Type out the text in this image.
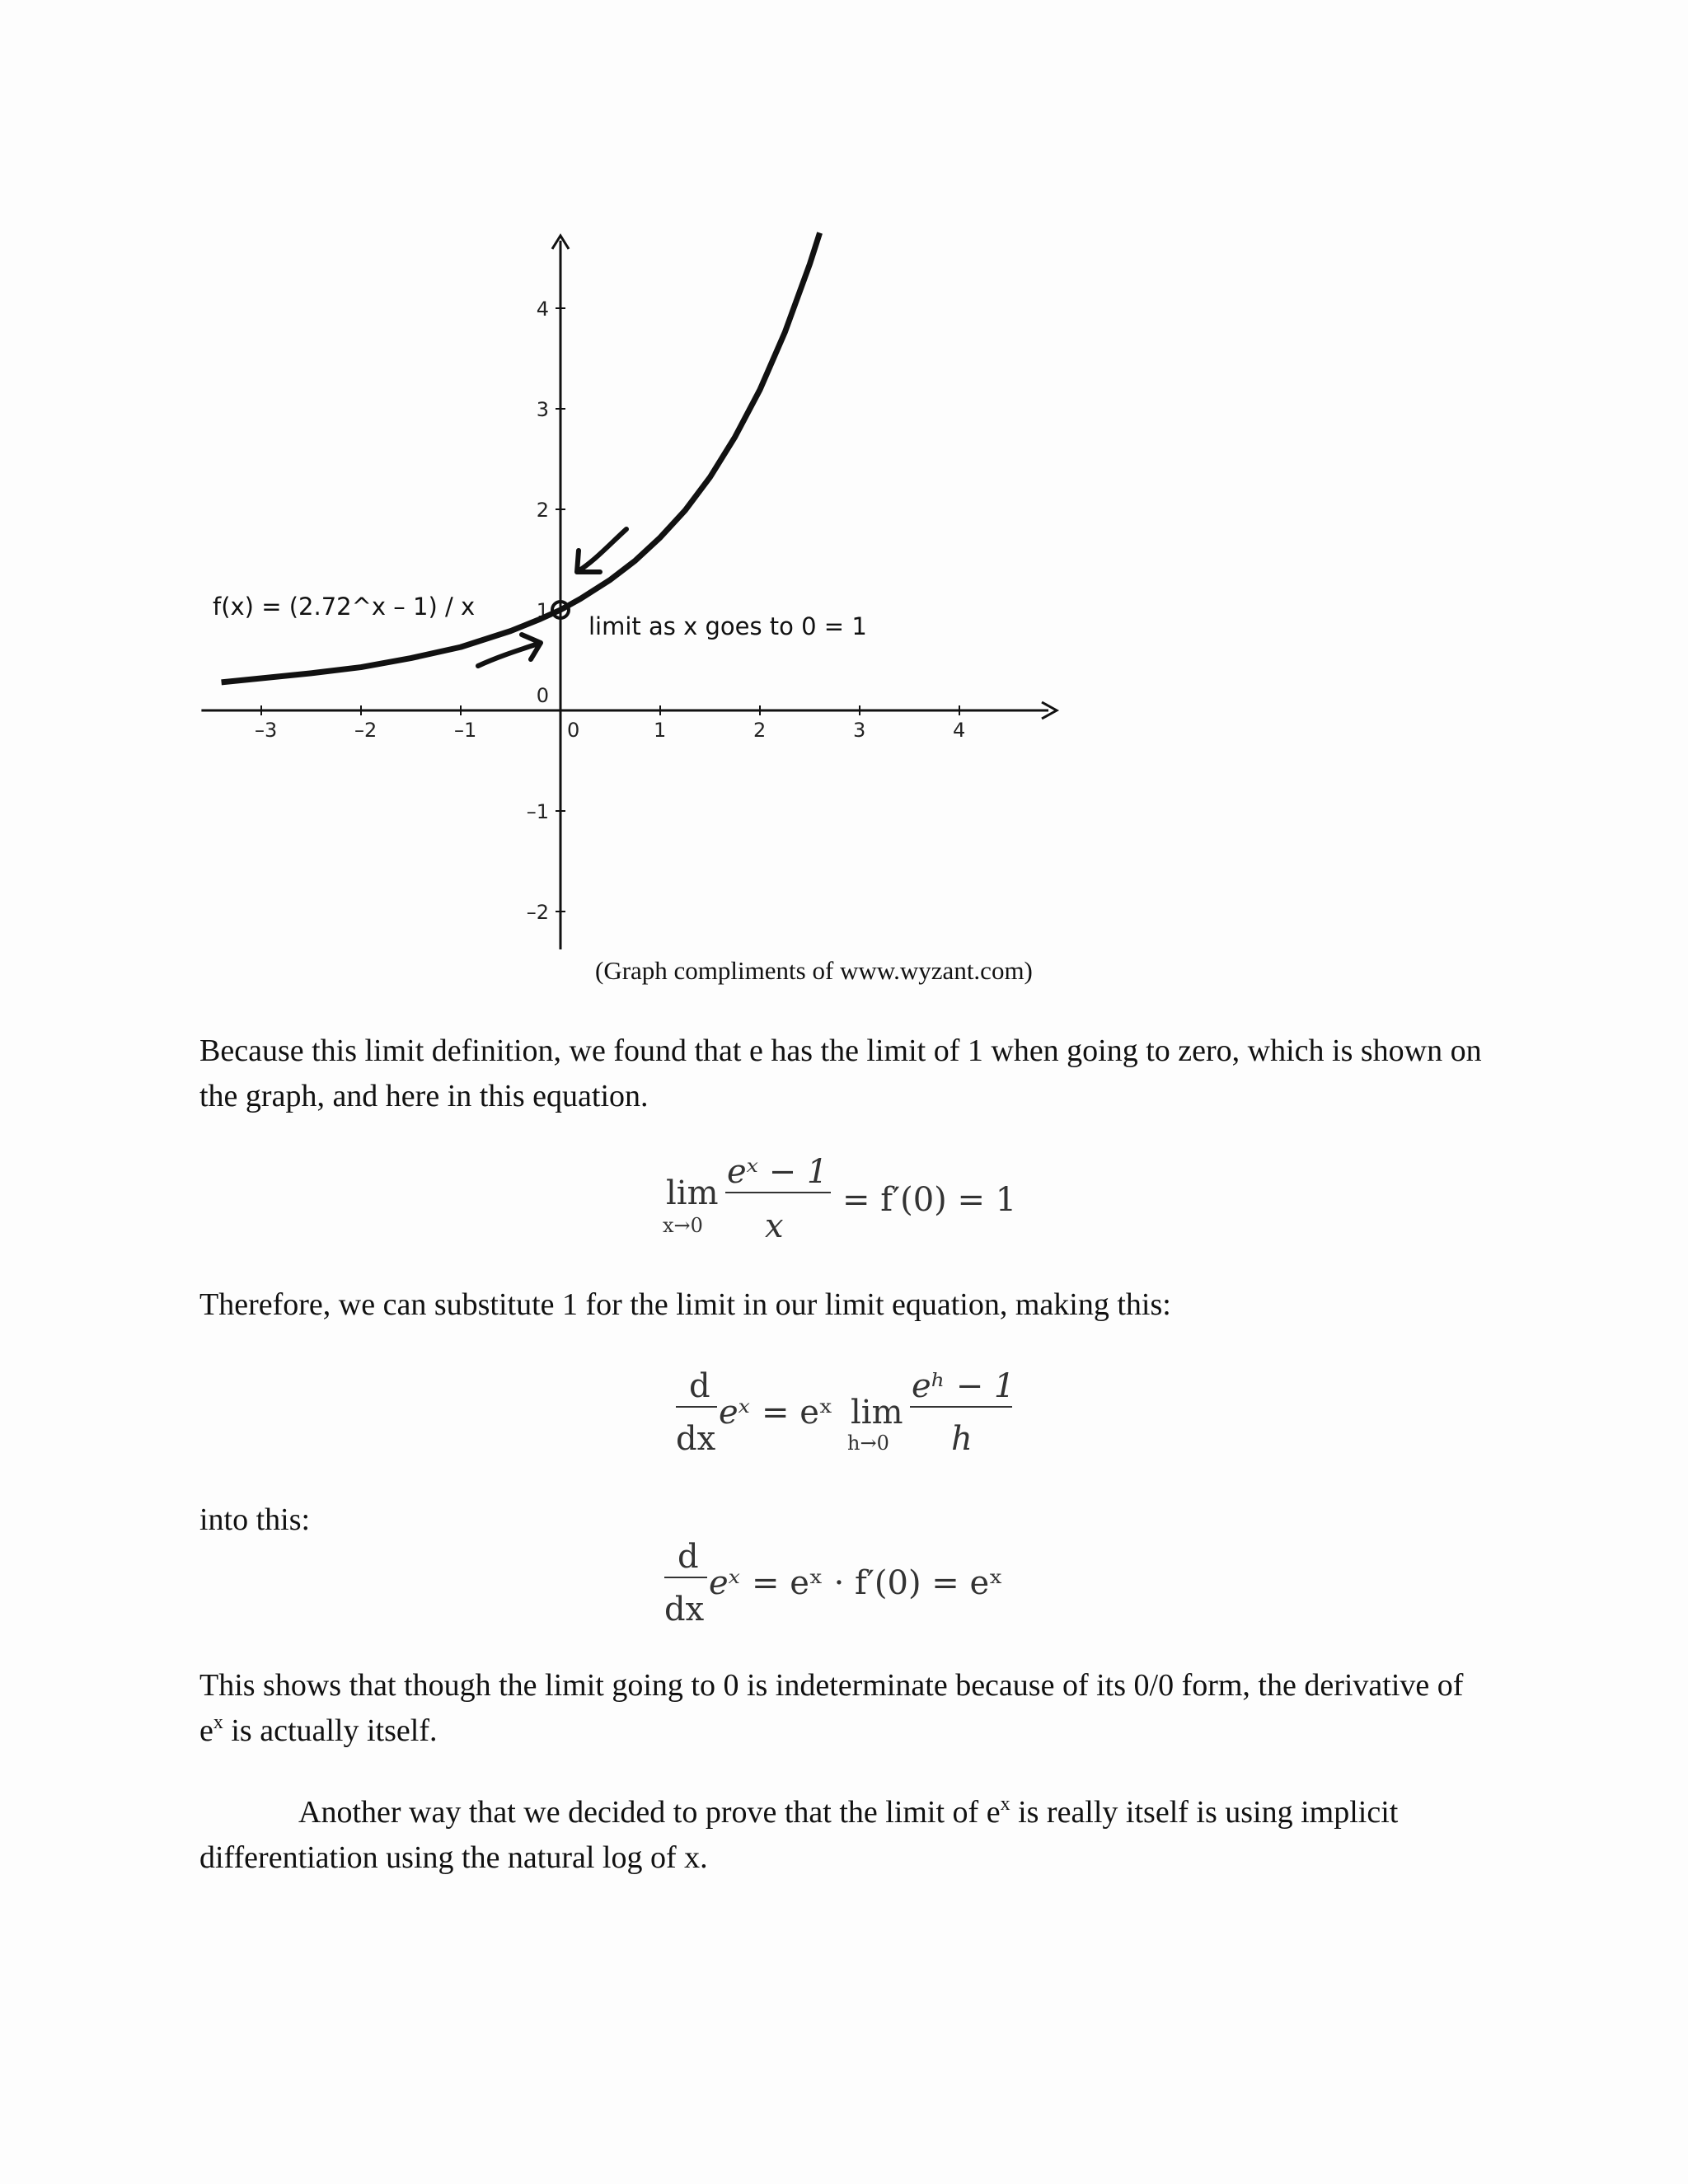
–3	–2	–1	0	1	2	3	4
–2
–1
0
1
2
3
4
f(x) = (2.72^x – 1) / x
limit as x goes to 0 = 1
(Graph compliments of www.wyzant.com)

Because this limit definition, we found that e has the limit of 1 when going to zero, which is shown on the graph, and here in this equation.

lim
x→0
eˣ − 1
x
= f′(0) = 1

Therefore, we can substitute 1 for the limit in our limit equation, making this:

d
dx
eˣ = eˣ lim
h→0
eʰ − 1
h

into this:

d
dx
eˣ = eˣ · f′(0) = eˣ

This shows that though the limit going to 0 is indeterminate because of its 0/0 form, the derivative of $e^x$ is actually itself.

Another way that we decided to prove that the limit of $e^x$ is really itself is using implicit differentiation using the natural log of x.
